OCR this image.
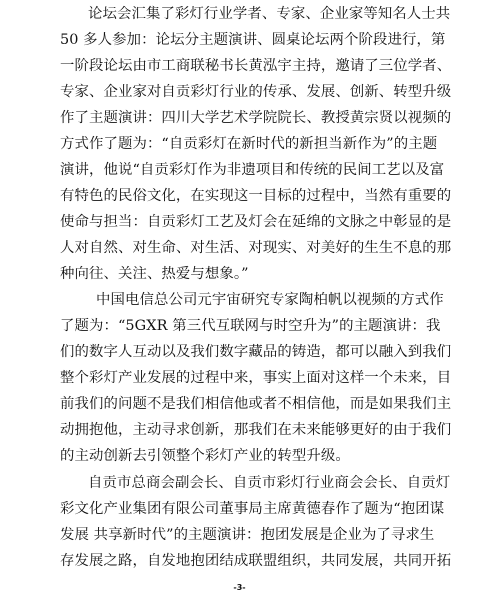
论坛会汇集了彩灯行业学者、专家、企业家等知名人士共
50 多人参加：论坛分主题演讲、圆桌论坛两个阶段进行，第
一阶段论坛由市工商联秘书长黄泓宇主持，邀请了三位学者、
专家、企业家对自贡彩灯行业的传承、发展、创新、转型升级
作了主题演讲：四川大学艺术学院院长、教授黄宗贤以视频的
方式作了题为：“自贡彩灯在新时代的新担当新作为”的主题
演讲，他说“自贡彩灯作为非遗项目和传统的民间工艺以及富
有特色的民俗文化，在实现这一目标的过程中，当然有重要的
使命与担当：自贡彩灯工艺及灯会在延绵的文脉之中彰显的是
人对自然、对生命、对生活、对现实、对美好的生生不息的那
种向往、关注、热爱与想象。”
中国电信总公司元宇宙研究专家陶柏帆以视频的方式作
了题为：“5GXR 第三代互联网与时空升为”的主题演讲：我
们的数字人互动以及我们数字藏品的铸造，都可以融入到我们
整个彩灯产业发展的过程中来，事实上面对这样一个未来，目
前我们的问题不是我们相信他或者不相信他，而是如果我们主
动拥抱他，主动寻求创新，那我们在未来能够更好的由于我们
的主动创新去引领整个彩灯产业的转型升级。
自贡市总商会副会长、自贡市彩灯行业商会会长、自贡灯
彩文化产业集团有限公司董事局主席黄德春作了题为“抱团谋
发展 共享新时代”的主题演讲：抱团发展是企业为了寻求生
存发展之路，自发地抱团结成联盟组织，共同发展，共同开拓
-3-
